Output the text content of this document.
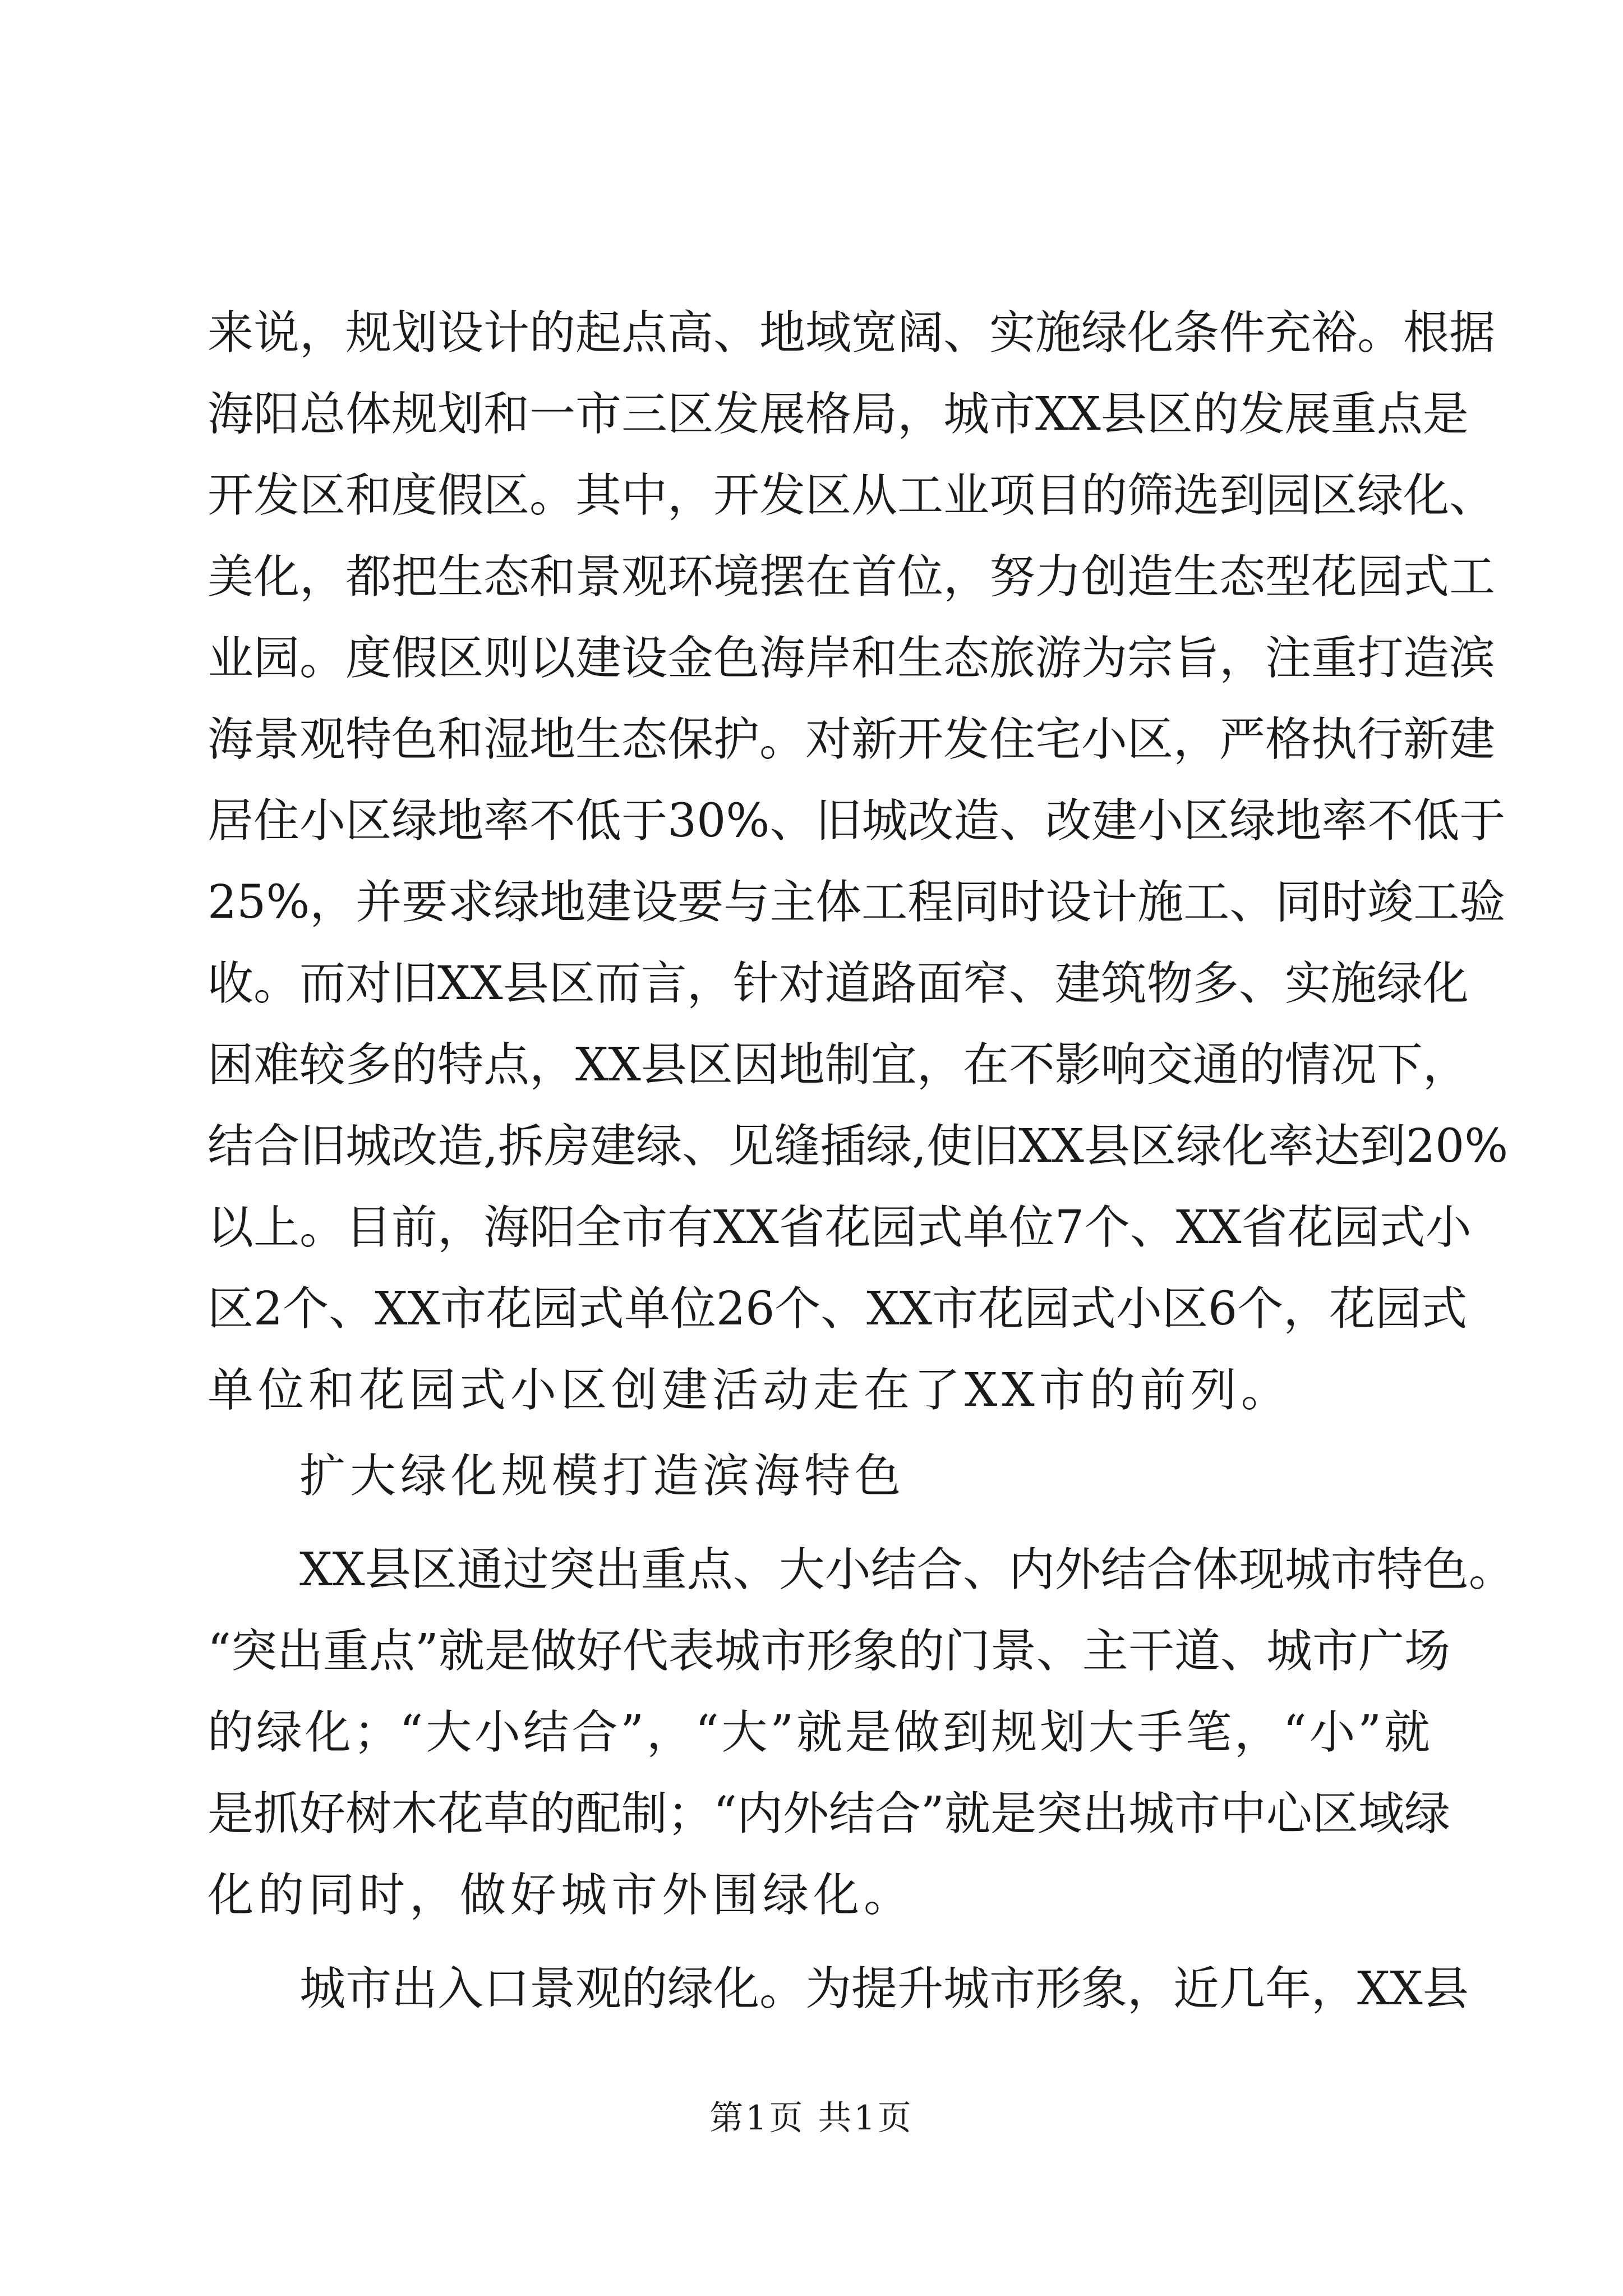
来说，规划设计的起点高、地域宽阔、实施绿化条件充裕。根据
海阳总体规划和一市三区发展格局，城市XX县区的发展重点是
开发区和度假区。其中，开发区从工业项目的筛选到园区绿化、
美化，都把生态和景观环境摆在首位，努力创造生态型花园式工
业园。度假区则以建设金色海岸和生态旅游为宗旨，注重打造滨
海景观特色和湿地生态保护。对新开发住宅小区，严格执行新建
居住小区绿地率不低于30%、旧城改造、改建小区绿地率不低于
25%，并要求绿地建设要与主体工程同时设计施工、同时竣工验
收。而对旧XX县区而言，针对道路面窄、建筑物多、实施绿化
困难较多的特点，XX县区因地制宜，在不影响交通的情况下，
结合旧城改造,拆房建绿、见缝插绿,使旧XX县区绿化率达到20%
以上。目前，海阳全市有XX省花园式单位7个、XX省花园式小
区2个、XX市花园式单位26个、XX市花园式小区6个，花园式
单位和花园式小区创建活动走在了XX市的前列。
扩大绿化规模打造滨海特色
XX县区通过突出重点、大小结合、内外结合体现城市特色。
“突出重点”就是做好代表城市形象的门景、主干道、城市广场
的绿化；“大小结合”，“大”就是做到规划大手笔，“小”就
是抓好树木花草的配制；“内外结合”就是突出城市中心区域绿
化的同时，做好城市外围绿化。
城市出入口景观的绿化。为提升城市形象，近几年，XX县
第1页 共1页
